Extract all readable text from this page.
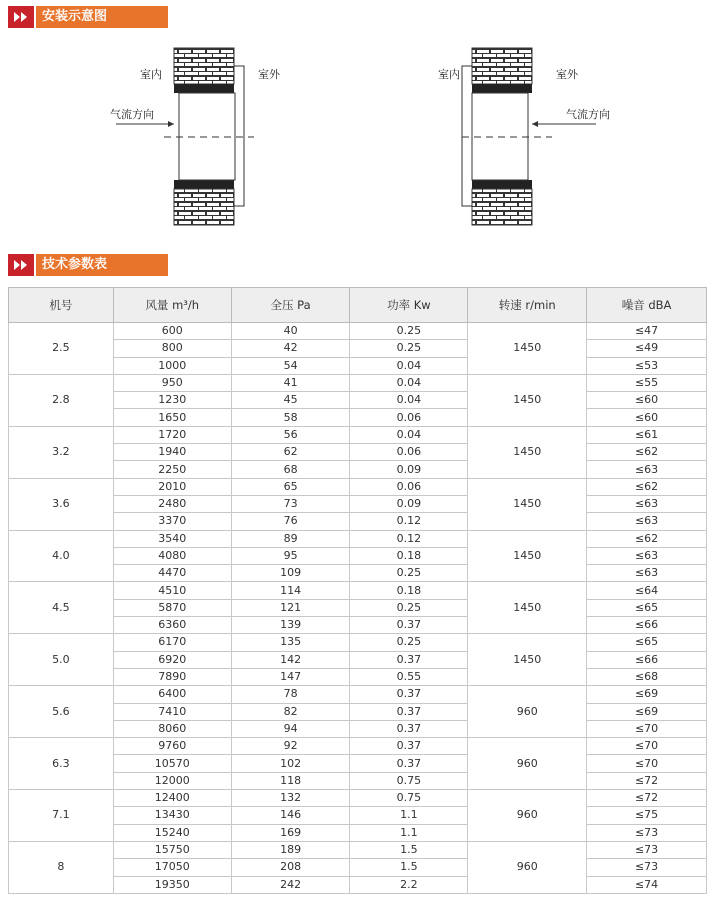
安装示意图
室内	室外
气流方向
室内	室外
气流方向
技术参数表
机号	风量 m³/h	全压 Pa	功率 Kw	转速 r/min	噪音 dBA
2.5	600	40	0.25	1450	≤47
	800	42	0.25		≤49
	1000	54	0.04		≤53
2.8	950	41	0.04	1450	≤55
	1230	45	0.04		≤60
	1650	58	0.06		≤60
3.2	1720	56	0.04	1450	≤61
	1940	62	0.06		≤62
	2250	68	0.09		≤63
3.6	2010	65	0.06	1450	≤62
	2480	73	0.09		≤63
	3370	76	0.12		≤63
4.0	3540	89	0.12	1450	≤62
	4080	95	0.18		≤63
	4470	109	0.25		≤63
4.5	4510	114	0.18	1450	≤64
	5870	121	0.25		≤65
	6360	139	0.37		≤66
5.0	6170	135	0.25	1450	≤65
	6920	142	0.37		≤66
	7890	147	0.55		≤68
5.6	6400	78	0.37	960	≤69
	7410	82	0.37		≤69
	8060	94	0.37		≤70
6.3	9760	92	0.37	960	≤70
	10570	102	0.37		≤70
	12000	118	0.75		≤72
7.1	12400	132	0.75	960	≤72
	13430	146	1.1		≤75
	15240	169	1.1		≤73
8	15750	189	1.5	960	≤73
	17050	208	1.5		≤73
	19350	242	2.2		≤74
